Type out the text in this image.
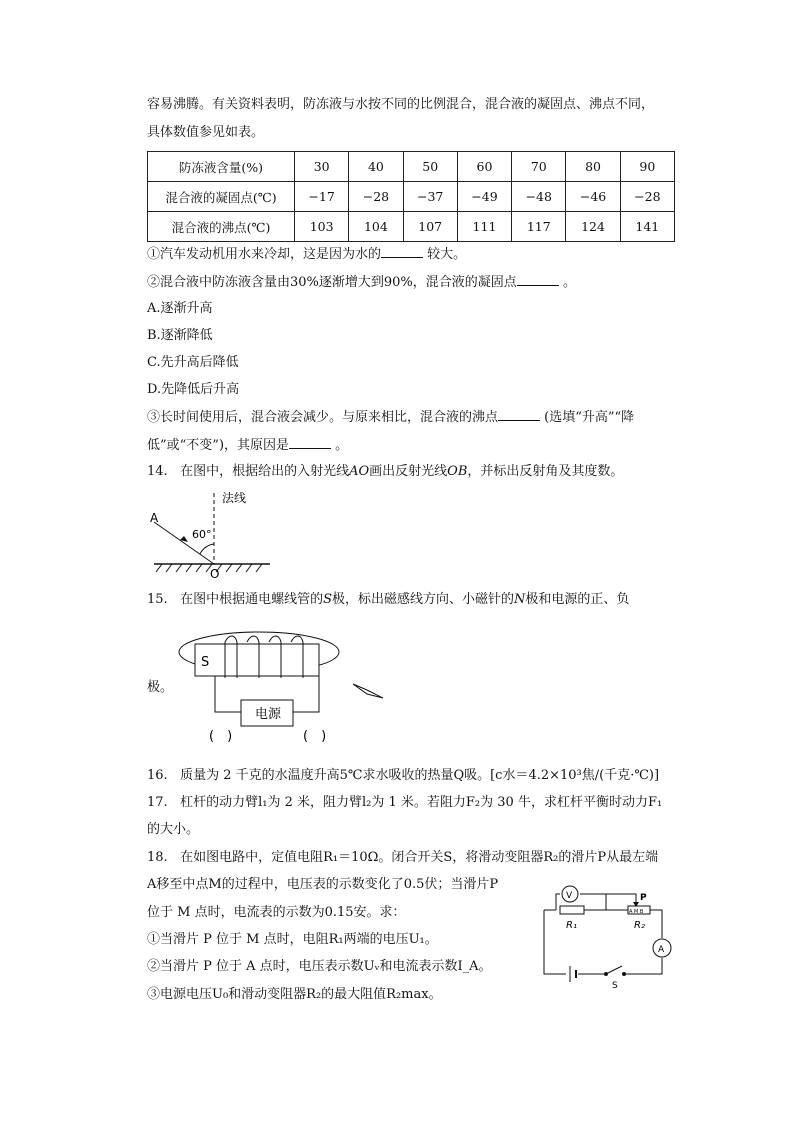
容易沸腾。有关资料表明，防冻液与水按不同的比例混合，混合液的凝固点、沸点不同，
具体数值参见如表。
防冻液含量(%)	30	40	50	60	70	80	90
混合液的凝固点(℃)	−17	−28	−37	−49	−48	−46	−28
混合液的沸点(℃)	103	104	107	111	117	124	141
①汽车发动机用水来冷却，这是因为水的	较大。
②混合液中防冻液含量由30%逐渐增大到90%，混合液的凝固点	。
A.逐渐升高
B.逐渐降低
C.先升高后降低
D.先降低后升高
③长时间使用后，混合液会减少。与原来相比，混合液的沸点	(选填“升高”“降
低”或“不变”)，其原因是	。
14. 在图中，根据给出的入射光线AO画出反射光线OB，并标出反射角及其度数。
法线
A
60°
O
15. 在图中根据通电螺线管的S极，标出磁感线方向、小磁针的N极和电源的正、负
极。
S
电源
(　)	(　)
16. 质量为 2 千克的水温度升高5℃求水吸收的热量Q吸。[c水＝4.2×10³焦/(千克·℃)]
17. 杠杆的动力臂l₁为 2 米，阻力臂l₂为 1 米。若阻力F₂为 30 牛，求杠杆平衡时动力F₁
的大小。
18. 在如图电路中，定值电阻R₁＝10Ω。闭合开关S，将滑动变阻器R₂的滑片P从最左端
A移至中点M的过程中，电压表的示数变化了0.5伏；当滑片P
位于 M 点时，电流表的示数为0.15安。求：
①当滑片 P 位于 M 点时，电阻R₁两端的电压U₁。
②当滑片 P 位于 A 点时，电压表示数Uᵥ和电流表示数I_A。
③电源电压U₀和滑动变阻器R₂的最大阻值R₂max。
V
R₁
A M B
P
R₂
A
S
